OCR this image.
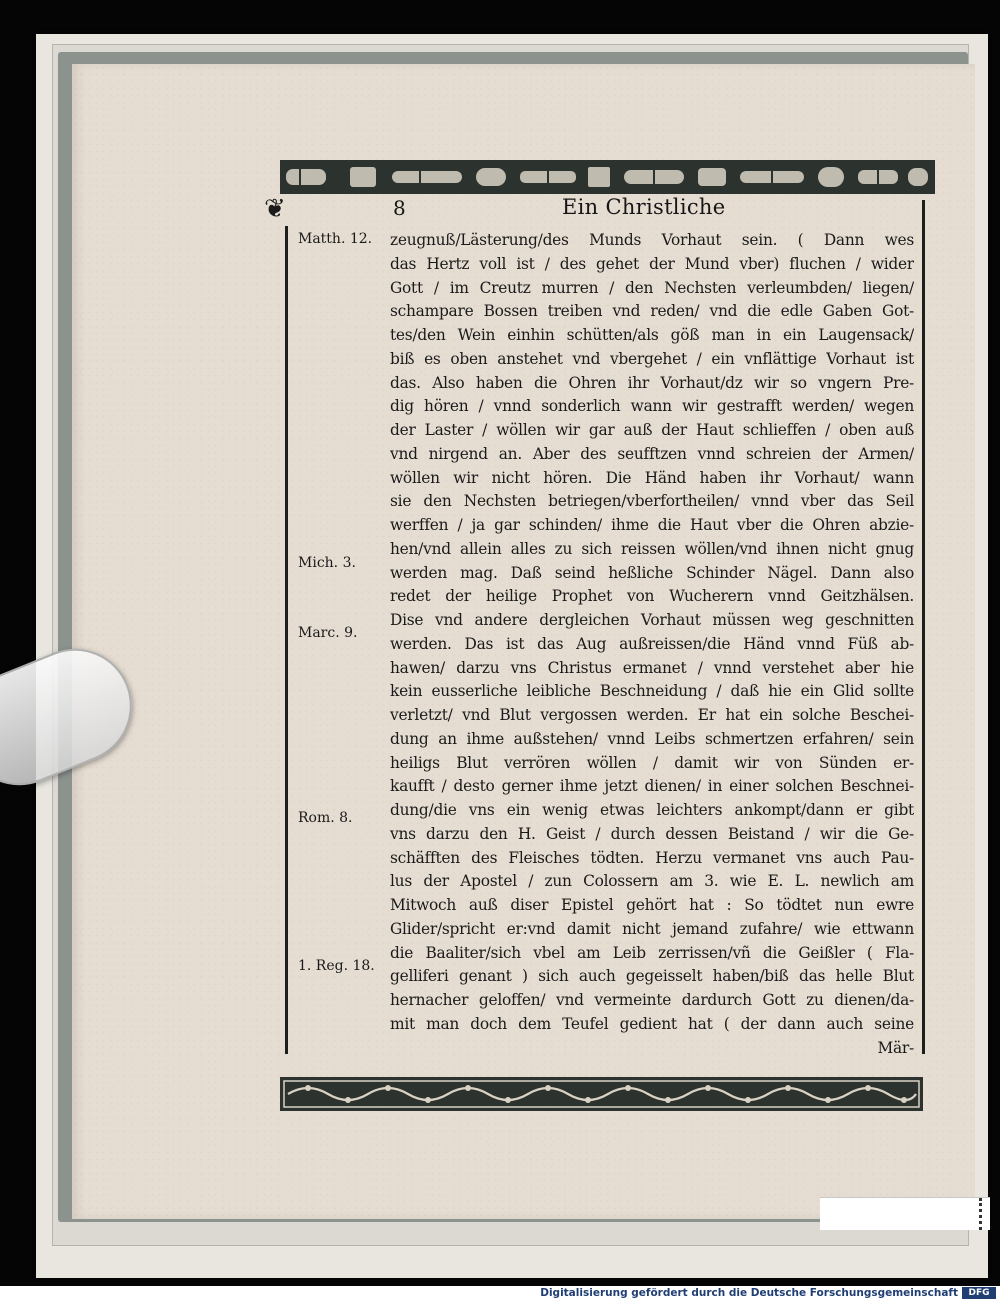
❦	8	Ein Christliche
Matth. 12.
Mich. 3.
Marc. 9.
Rom. 8.
1. Reg. 18.
zeugnuß/Lästerung/des Munds Vorhaut sein. ( Dann wes
das Hertz voll ist / des gehet der Mund vber) fluchen / wider
Gott / im Creutz murren / den Nechsten verleumbden/ liegen/
schampare Bossen treiben vnd reden/ vnd die edle Gaben Got-
tes/den Wein einhin schütten/als göß man in ein Laugensack/
biß es oben anstehet vnd vbergehet / ein vnflättige Vorhaut ist
das. Also haben die Ohren ihr Vorhaut/dz wir so vngern Pre-
dig hören / vnnd sonderlich wann wir gestrafft werden/ wegen
der Laster / wöllen wir gar auß der Haut schlieffen / oben auß
vnd nirgend an. Aber des seufftzen vnnd schreien der Armen/
wöllen wir nicht hören. Die Händ haben ihr Vorhaut/ wann
sie den Nechsten betriegen/vberfortheilen/ vnnd vber das Seil
werffen / ja gar schinden/ ihme die Haut vber die Ohren abzie-
hen/vnd allein alles zu sich reissen wöllen/vnd ihnen nicht gnug
werden mag. Daß seind heßliche Schinder Nägel. Dann also
redet der heilige Prophet von Wucherern vnnd Geitzhälsen.
Dise vnd andere dergleichen Vorhaut müssen weg geschnitten
werden. Das ist das Aug außreissen/die Händ vnnd Füß ab-
hawen/ darzu vns Christus ermanet / vnnd verstehet aber hie
kein eusserliche leibliche Beschneidung / daß hie ein Glid sollte
verletzt/ vnd Blut vergossen werden. Er hat ein solche Beschei-
dung an ihme außstehen/ vnnd Leibs schmertzen erfahren/ sein
heiligs Blut verrören wöllen / damit wir von Sünden er-
kaufft / desto gerner ihme jetzt dienen/ in einer solchen Beschnei-
dung/die vns ein wenig etwas leichters ankompt/dann er gibt
vns darzu den H. Geist / durch dessen Beistand / wir die Ge-
schäfften des Fleisches tödten. Herzu vermanet vns auch Pau-
lus der Apostel / zun Colossern am 3. wie E. L. newlich am
Mitwoch auß diser Epistel gehört hat : So tödtet nun ewre
Glider/spricht er:vnd damit nicht jemand zufahre/ wie ettwann
die Baaliter/sich vbel am Leib zerrissen/vñ die Geißler ( Fla-
gelliferi genant ) sich auch gegeisselt haben/biß das helle Blut
hernacher geloffen/ vnd vermeinte dardurch Gott zu dienen/da-
mit man doch dem Teufel gedient hat ( der dann auch seine
Mär-
Digitalisierung gefördert durch die Deutsche Forschungsgemeinschaft	DFG
